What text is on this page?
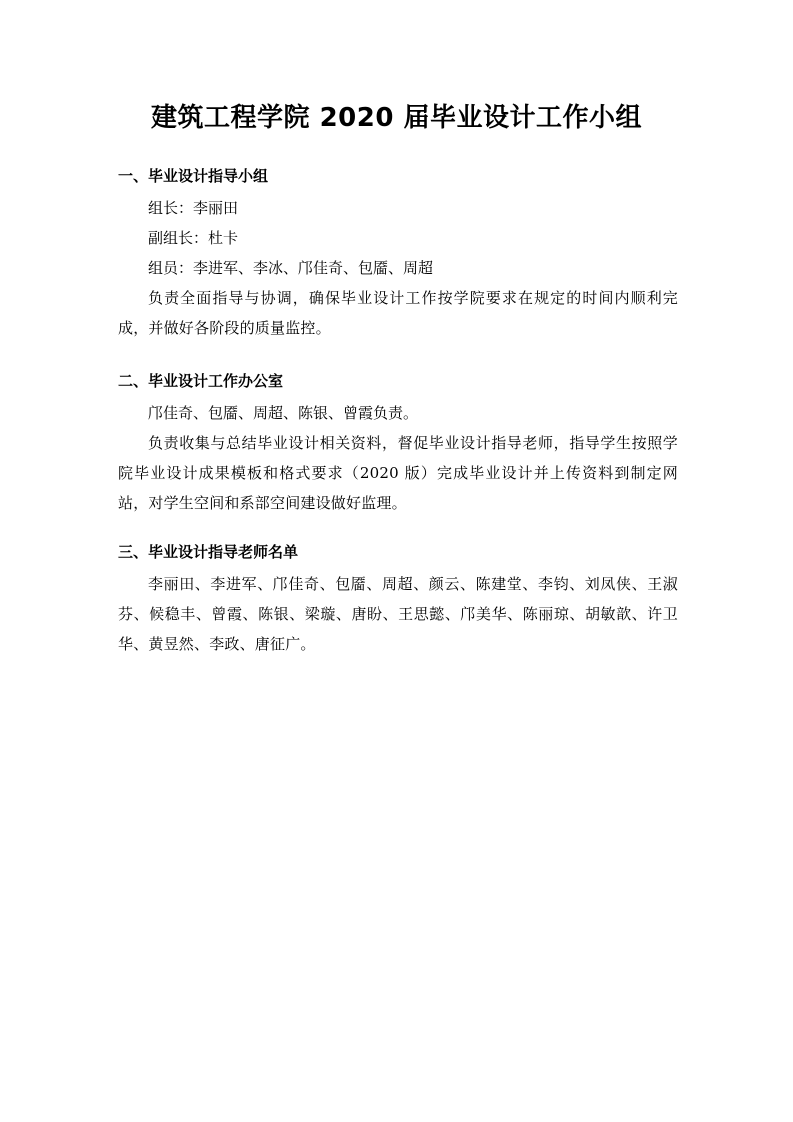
建筑工程学院 2020 届毕业设计工作小组

一、毕业设计指导小组

组长：李丽田

副组长：杜卡

组员：李进军、李冰、邝佳奇、包靥、周超

负责全面指导与协调，确保毕业设计工作按学院要求在规定的时间内顺利完成，并做好各阶段的质量监控。

二、毕业设计工作办公室

邝佳奇、包靥、周超、陈银、曾霞负责。

负责收集与总结毕业设计相关资料，督促毕业设计指导老师，指导学生按照学院毕业设计成果模板和格式要求（2020 版）完成毕业设计并上传资料到制定网站，对学生空间和系部空间建设做好监理。

三、毕业设计指导老师名单

李丽田、李进军、邝佳奇、包靥、周超、颜云、陈建堂、李钧、刘凤侠、王淑芬、候稳丰、曾霞、陈银、梁璇、唐盼、王思懿、邝美华、陈丽琼、胡敏歆、许卫华、黄昱然、李政、唐征广。
